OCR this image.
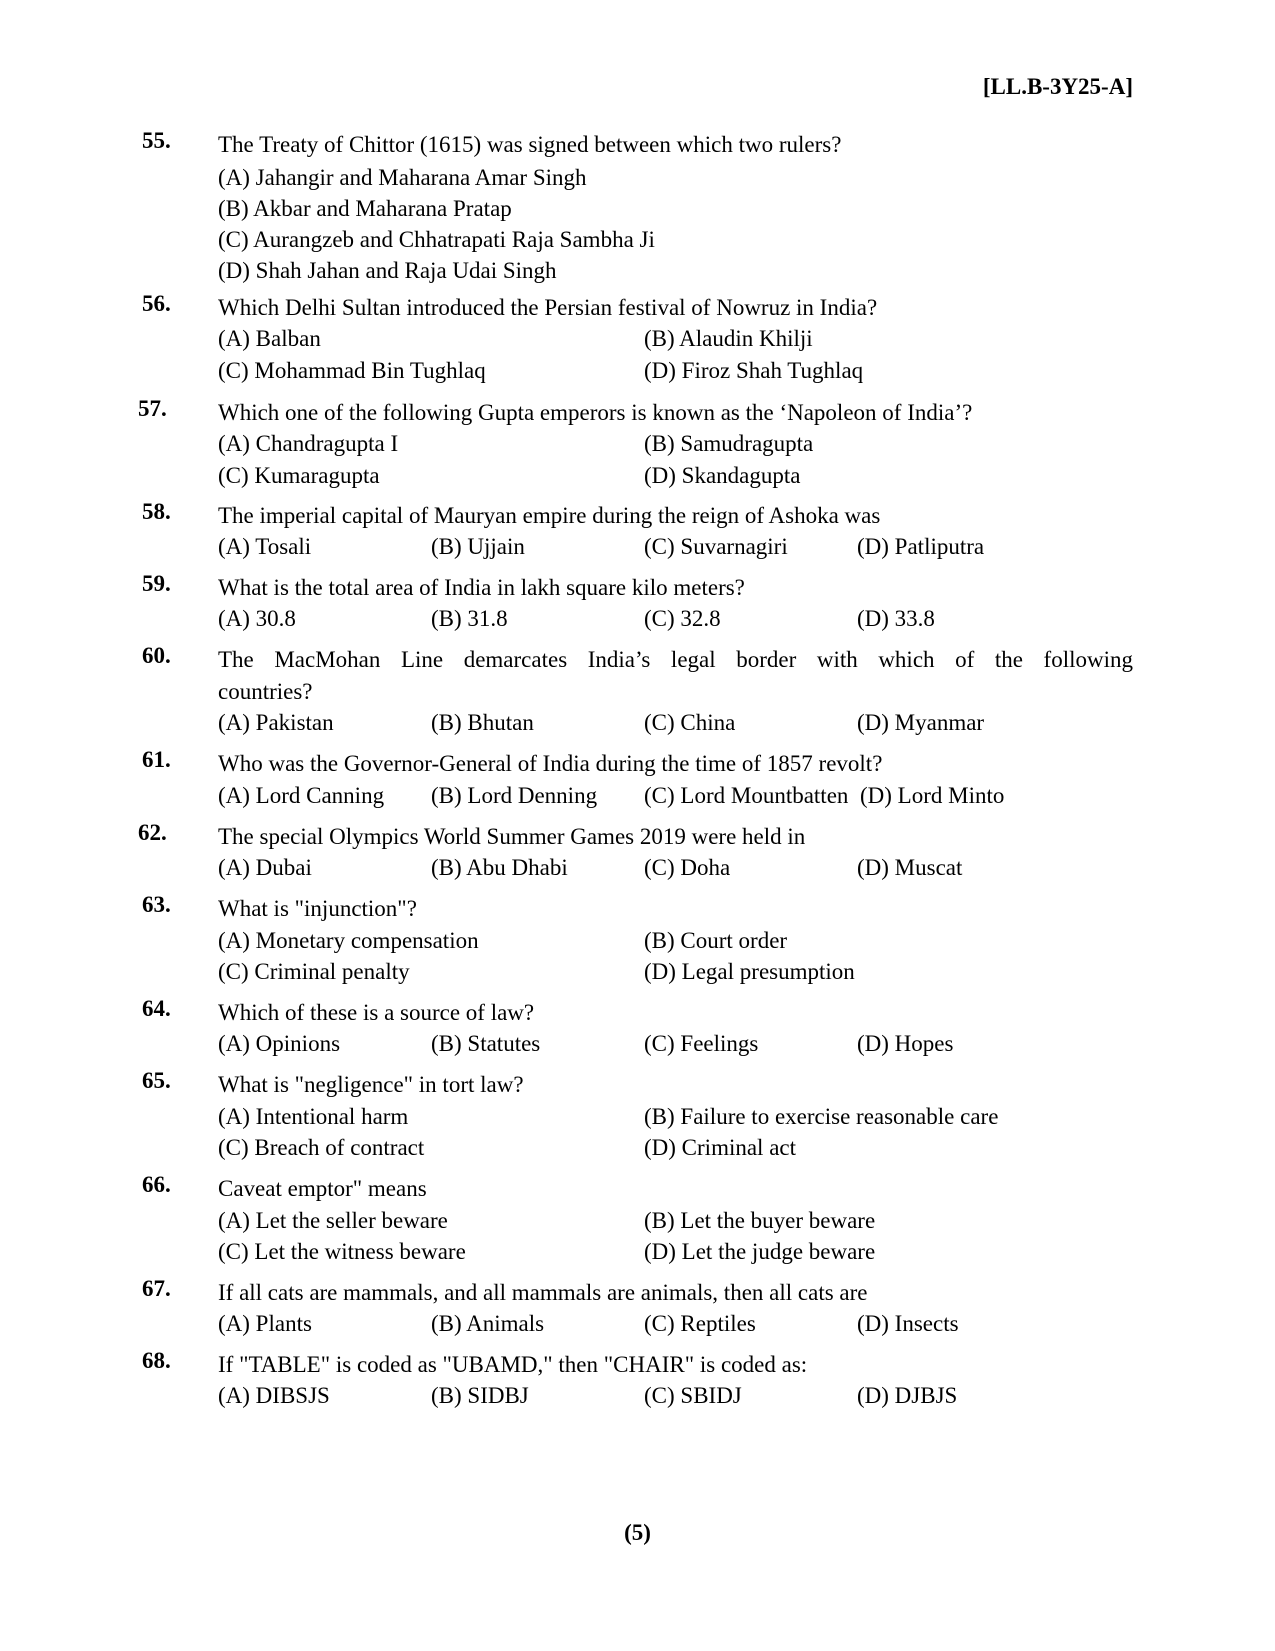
[LL.B-3Y25-A]
55.	The Treaty of Chittor (1615) was signed between which two rulers?
(A) Jahangir and Maharana Amar Singh
(B) Akbar and Maharana Pratap
(C) Aurangzeb and Chhatrapati Raja Sambha Ji
(D) Shah Jahan and Raja Udai Singh
56.	Which Delhi Sultan introduced the Persian festival of Nowruz in India?
(A) Balban	(B) Alaudin Khilji
(C) Mohammad Bin Tughlaq	(D) Firoz Shah Tughlaq
57.	Which one of the following Gupta emperors is known as the ‘Napoleon of India’?
(A) Chandragupta I	(B) Samudragupta
(C) Kumaragupta	(D) Skandagupta
58.	The imperial capital of Mauryan empire during the reign of Ashoka was
(A) Tosali	(B) Ujjain	(C) Suvarnagiri	(D) Patliputra
59.	What is the total area of India in lakh square kilo meters?
(A) 30.8	(B) 31.8	(C) 32.8	(D) 33.8
60.	The MacMohan Line demarcates India’s legal border with which of the following
countries?
(A) Pakistan	(B) Bhutan	(C) China	(D) Myanmar
61.	Who was the Governor-General of India during the time of 1857 revolt?
(A) Lord Canning (B) Lord Denning (C) Lord Mountbatten (D) Lord Minto
62.	The special Olympics World Summer Games 2019 were held in
(A) Dubai	(B) Abu Dhabi	(C) Doha	(D) Muscat
63.	What is "injunction"?
(A) Monetary compensation	(B) Court order
(C) Criminal penalty	(D) Legal presumption
64.	Which of these is a source of law?
(A) Opinions	(B) Statutes	(C) Feelings	(D) Hopes
65.	What is "negligence" in tort law?
(A) Intentional harm	(B) Failure to exercise reasonable care
(C) Breach of contract	(D) Criminal act
66.	Caveat emptor" means
(A) Let the seller beware	(B) Let the buyer beware
(C) Let the witness beware	(D) Let the judge beware
67.	If all cats are mammals, and all mammals are animals, then all cats are
(A) Plants	(B) Animals	(C) Reptiles	(D) Insects
68.	If "TABLE" is coded as "UBAMD," then "CHAIR" is coded as:
(A) DIBSJS	(B) SIDBJ	(C) SBIDJ	(D) DJBJS
(5)
